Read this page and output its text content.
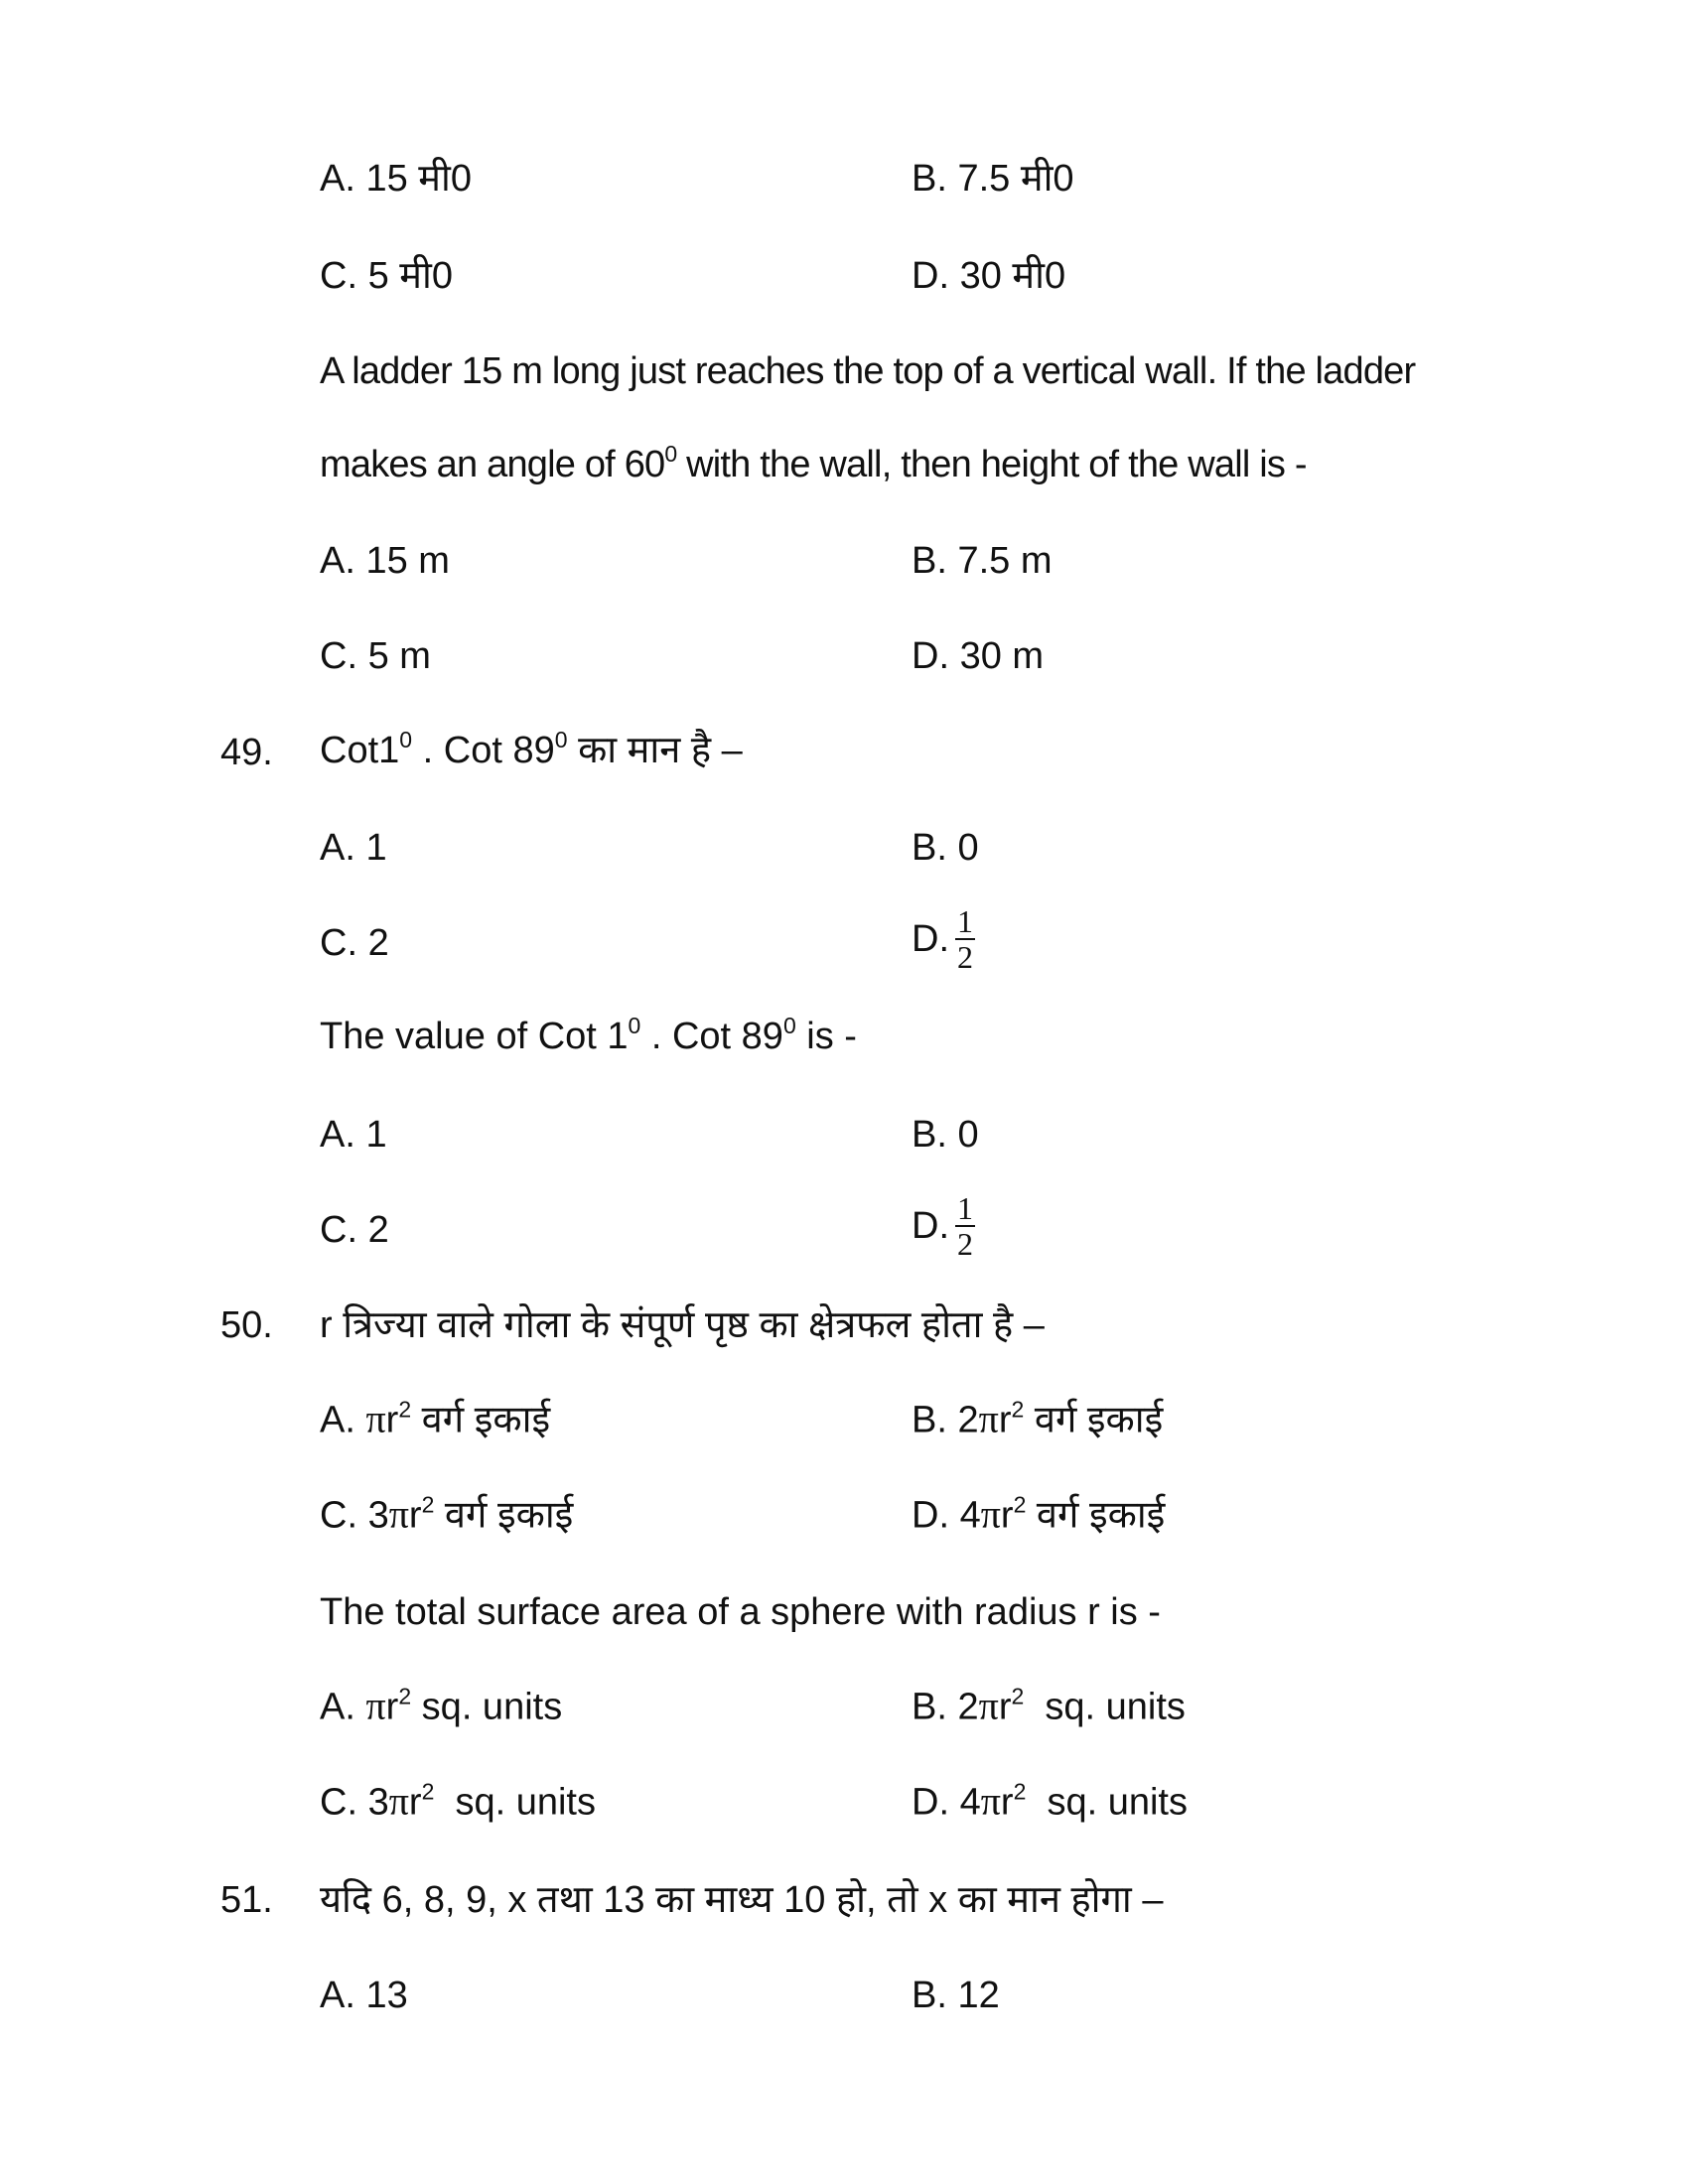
A. 15 मी0	B. 7.5 मी0
C. 5 मी0	D. 30 मी0
A ladder 15 m long just reaches the top of a vertical wall. If the ladder
makes an angle of $60^0$ with the wall, then height of the wall is -
A. 15 m	B. 7.5 m
C. 5 m	D. 30 m
49. $Cot1^0$ . Cot $89^0$ का मान है –
A. 1	B. 0
C. 2	D. $\frac{1}{2}$
The value of Cot $1^0$ . Cot $89^0$ is -
A. 1	B. 0
C. 2	D. $\frac{1}{2}$
50. r त्रिज्या वाले गोला के संपूर्ण पृष्ठ का क्षेत्रफल होता है –
A. $\pi r^2$ वर्ग इकाई	B. $2\pi r^2$ वर्ग इकाई
C. $3\pi r^2$ वर्ग इकाई	D. $4\pi r^2$ वर्ग इकाई
The total surface area of a sphere with radius r is -
A. $\pi r^2$ sq. units	B. $2\pi r^2$  sq. units
C. $3\pi r^2$  sq. units	D. $4\pi r^2$  sq. units
51. यदि 6, 8, 9, x तथा 13 का माध्य 10 हो, तो x का मान होगा –
A. 13	B. 12
